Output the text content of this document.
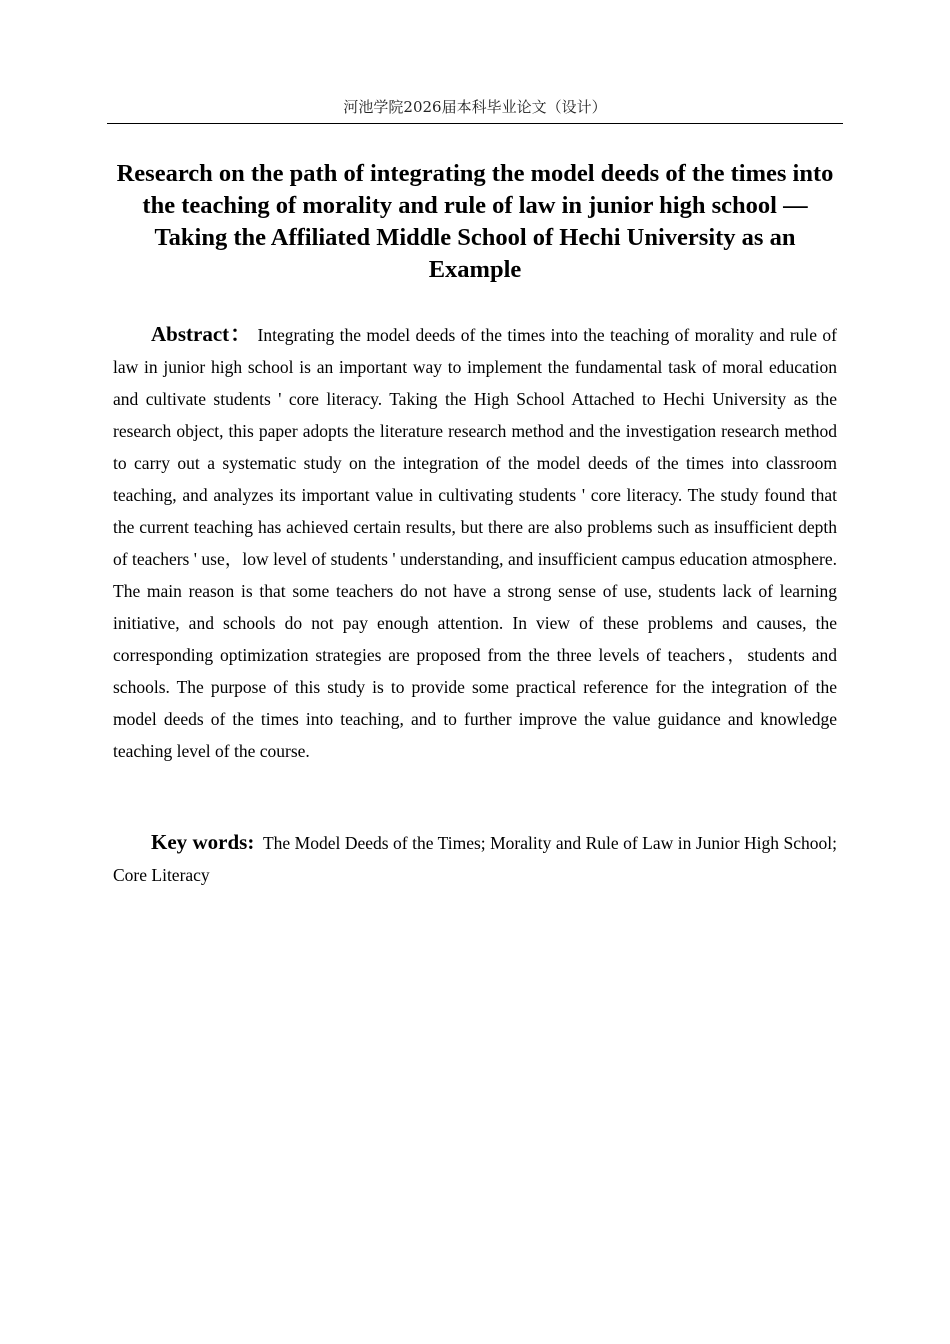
河池学院2026届本科毕业论文（设计）
Research on the path of integrating the model deeds of the times into the teaching of morality and rule of law in junior high school —Taking the Affiliated Middle School of Hechi University as an Example

Abstract： Integrating the model deeds of the times into the teaching of morality and rule of law in junior high school is an important way to implement the fundamental task of moral education and cultivate students ' core literacy. Taking the High School Attached to Hechi University as the research object, this paper adopts the literature research method and the investigation research method to carry out a systematic study on the integration of the model deeds of the times into classroom teaching, and analyzes its important value in cultivating students ' core literacy. The study found that the current teaching has achieved certain results, but there are also problems such as insufficient depth of teachers ' use，low level of students ' understanding, and insufficient campus education atmosphere. The main reason is that some teachers do not have a strong sense of use, students lack of learning initiative, and schools do not pay enough attention. In view of these problems and causes, the corresponding optimization strategies are proposed from the three levels of teachers，students and schools. The purpose of this study is to provide some practical reference for the integration of the model deeds of the times into teaching, and to further improve the value guidance and knowledge teaching level of the course.

Key words: The Model Deeds of the Times; Morality and Rule of Law in Junior High School; Core Literacy
